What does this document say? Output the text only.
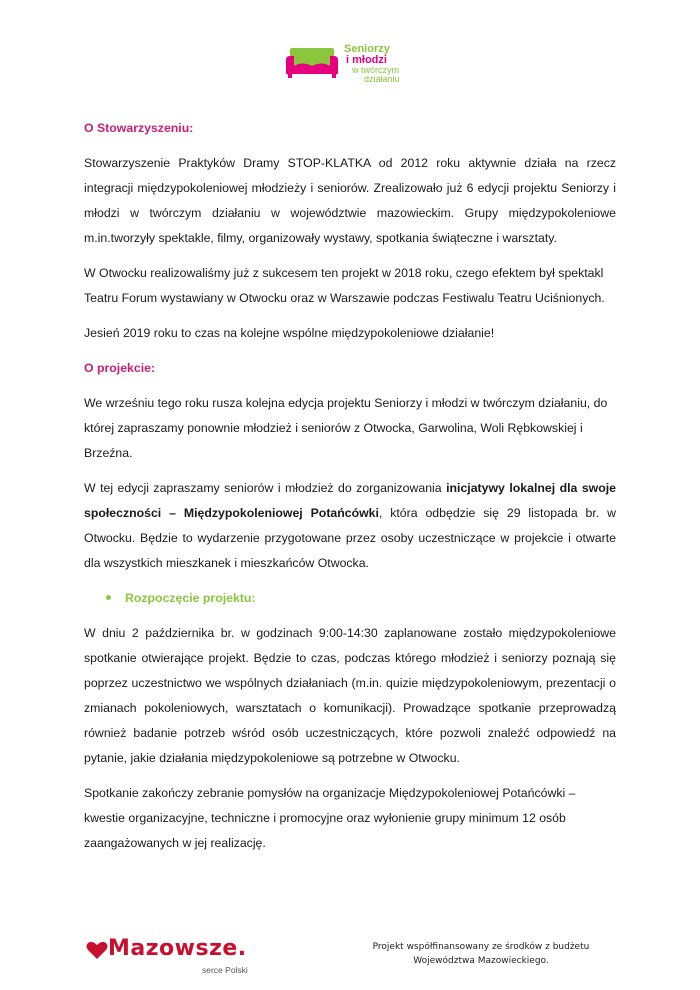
Seniorzy
i młodzi
w twórczym
działaniu
O Stowarzyszeniu:

Stowarzyszenie Praktyków Dramy STOP-KLATKA od 2012 roku aktywnie działa na rzecz integracji międzypokoleniowej młodzieży i seniorów. Zrealizowało już 6 edycji projektu Seniorzy i młodzi w twórczym działaniu w województwie mazowieckim. Grupy międzypokoleniowe m.in.tworzyły spektakle, filmy, organizowały wystawy, spotkania świąteczne i warsztaty.

W Otwocku realizowaliśmy już z sukcesem ten projekt w 2018 roku, czego efektem był spektakl Teatru Forum wystawiany w Otwocku oraz w Warszawie podczas Festiwalu Teatru Uciśnionych.

Jesień 2019 roku to czas na kolejne wspólne międzypokoleniowe działanie!

O projekcie:

We wrześniu tego roku rusza kolejna edycja projektu Seniorzy i młodzi w twórczym działaniu, do której zapraszamy ponownie młodzież i seniorów z Otwocka, Garwolina, Woli Rębkowskiej i Brzeźna.

W tej edycji zapraszamy seniorów i młodzież do zorganizowania inicjatywy lokalnej dla swoje społeczności – Międzypokoleniowej Potańcówki, która odbędzie się 29 listopada br. w Otwocku. Będzie to wydarzenie przygotowane przez osoby uczestniczące w projekcie i otwarte dla wszystkich mieszkanek i mieszkańców Otwocka.

Rozpoczęcie projektu:

W dniu 2 października br. w godzinach 9:00-14:30 zaplanowane zostało międzypokoleniowe spotkanie otwierające projekt. Będzie to czas, podczas którego młodzież i seniorzy poznają się poprzez uczestnictwo we wspólnych działaniach (m.in. quizie międzypokoleniowym, prezentacji o zmianach pokoleniowych, warsztatach o komunikacji). Prowadzące spotkanie przeprowadzą również badanie potrzeb wśród osób uczestniczących, które pozwoli znaleźć odpowiedź na pytanie, jakie działania międzypokoleniowe są potrzebne w Otwocku.

Spotkanie zakończy zebranie pomysłów na organizacje Międzypokoleniowej Potańcówki – kwestie organizacyjne, techniczne i promocyjne oraz wyłonienie grupy minimum 12 osób zaangażowanych w jej realizację.

Mazowsze.
serce Polski
Projekt współfinansowany ze środków z budżetu
Województwa Mazowieckiego.
